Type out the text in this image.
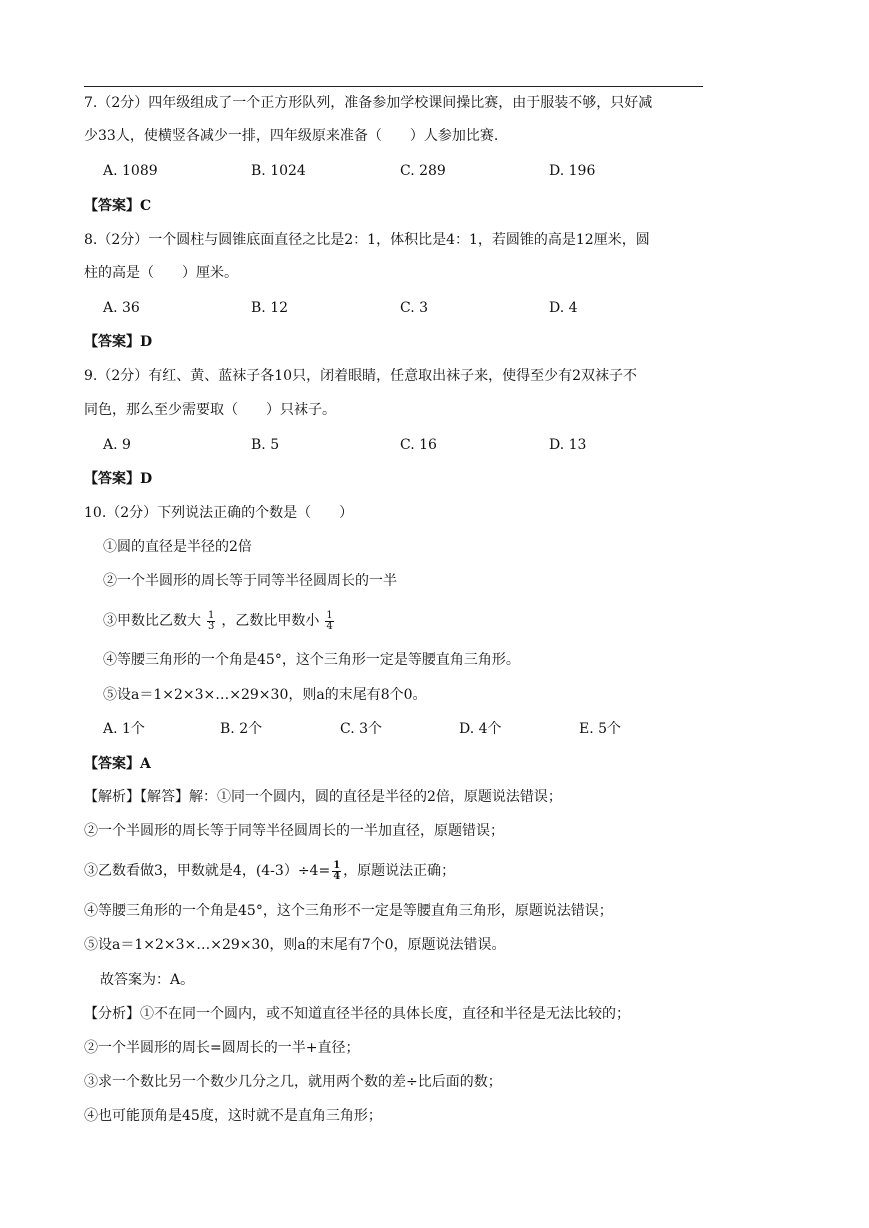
7.（2分）四年级组成了一个正方形队列，准备参加学校课间操比赛，由于服装不够，只好减
少33人，使横竖各减少一排，四年级原来准备（　　）人参加比赛.
A. 1089	B. 1024	C. 289	D. 196
【答案】C
8.（2分）一个圆柱与圆锥底面直径之比是2：1，体积比是4：1，若圆锥的高是12厘米，圆
柱的高是（　　）厘米。
A. 36	B. 12	C. 3	D. 4
【答案】D
9.（2分）有红、黄、蓝袜子各10只，闭着眼睛，任意取出袜子来，使得至少有2双袜子不
同色，那么至少需要取（　　）只袜子。
A. 9	B. 5	C. 16	D. 13
【答案】D
10.（2分）下列说法正确的个数是（　　）
①圆的直径是半径的2倍
②一个半圆形的周长等于同等半径圆周长的一半
③甲数比乙数大 $\frac{1}{3}$ ，乙数比甲数小 $\frac{1}{4}$
④等腰三角形的一个角是45°，这个三角形一定是等腰直角三角形。
⑤设a＝1×2×3×…×29×30，则a的末尾有8个0。
A. 1个	B. 2个	C. 3个	D. 4个	E. 5个
【答案】A
【解析】【解答】解：①同一个圆内，圆的直径是半径的2倍，原题说法错误；
②一个半圆形的周长等于同等半径圆周长的一半加直径，原题错误；
③乙数看做3，甲数就是4，$(4-3)\div 4= \frac{1}{4}$ ，原题说法正确；
④等腰三角形的一个角是45°，这个三角形不一定是等腰直角三角形，原题说法错误；
⑤设a＝1×2×3×…×29×30，则a的末尾有7个0，原题说法错误。
故答案为：A。
【分析】①不在同一个圆内，或不知道直径半径的具体长度，直径和半径是无法比较的；
②一个半圆形的周长=圆周长的一半+直径；
③求一个数比另一个数少几分之几，就用两个数的差÷比后面的数；
④也可能顶角是45度，这时就不是直角三角形；
